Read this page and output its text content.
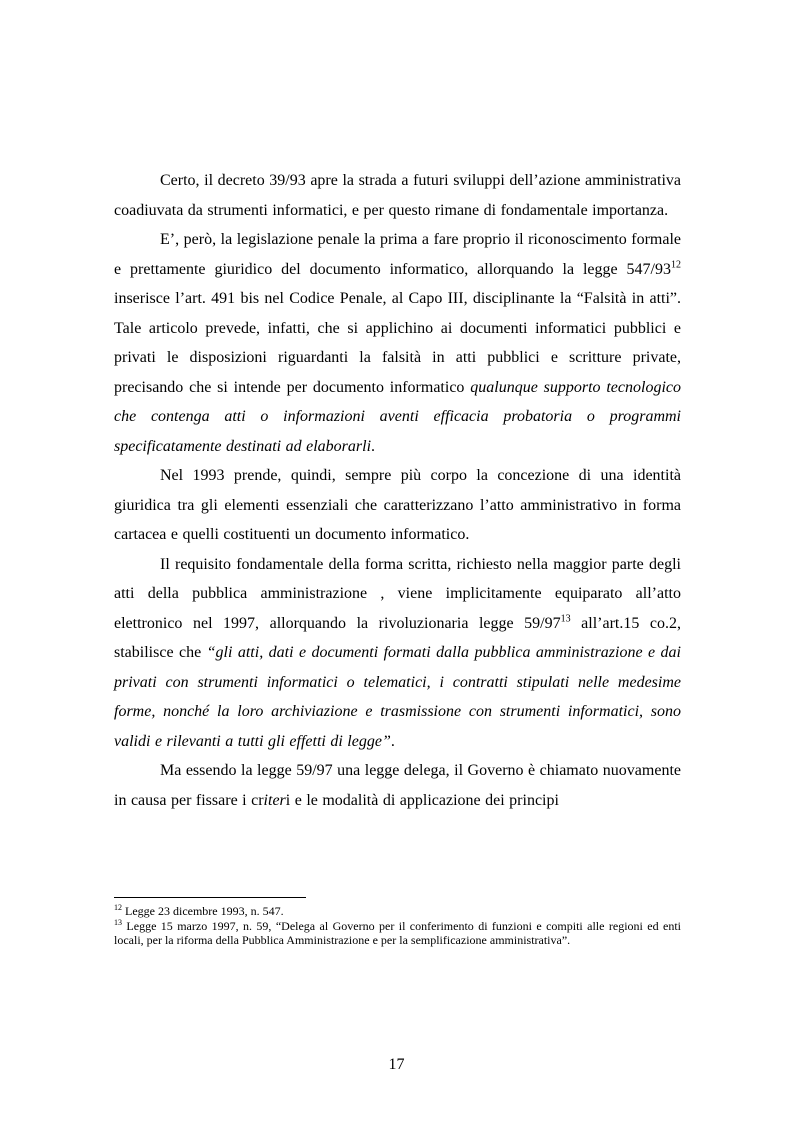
Certo, il decreto 39/93 apre la strada a futuri sviluppi dell’azione amministrativa coadiuvata da strumenti informatici, e per questo rimane di fondamentale importanza.

E’, però, la legislazione penale la prima a fare proprio il riconoscimento formale e prettamente giuridico del documento informatico, allorquando la legge $547/93^{12}$ inserisce l’art. 491 bis nel Codice Penale, al Capo III, disciplinante la “Falsità in atti”. Tale articolo prevede, infatti, che si applichino ai documenti informatici pubblici e privati le disposizioni riguardanti la falsità in atti pubblici e scritture private, precisando che si intende per documento informatico qualunque supporto tecnologico che contenga atti o informazioni aventi efficacia probatoria o programmi specificatamente destinati ad elaborarli.

Nel 1993 prende, quindi, sempre più corpo la concezione di una identità giuridica tra gli elementi essenziali che caratterizzano l’atto amministrativo in forma cartacea e quelli costituenti un documento informatico.

Il requisito fondamentale della forma scritta, richiesto nella maggior parte degli atti della pubblica amministrazione , viene implicitamente equiparato all’atto elettronico nel 1997, allorquando la rivoluzionaria legge $59/97^{13}$ all’art.15 co.2, stabilisce che “gli atti, dati e documenti formati dalla pubblica amministrazione e dai privati con strumenti informatici o telematici, i contratti stipulati nelle medesime forme, nonché la loro archiviazione e trasmissione con strumenti informatici, sono validi e rilevanti a tutti gli effetti di legge”.

Ma essendo la legge 59/97 una legge delega, il Governo è chiamato nuovamente in causa per fissare i criteri e le modalità di applicazione dei principi

$^{12}$ Legge 23 dicembre 1993, n. 547.

$^{13}$ Legge 15 marzo 1997, n. 59, “Delega al Governo per il conferimento di funzioni e compiti alle regioni ed enti locali, per la riforma della Pubblica Amministrazione e per la semplificazione amministrativa”.

17
